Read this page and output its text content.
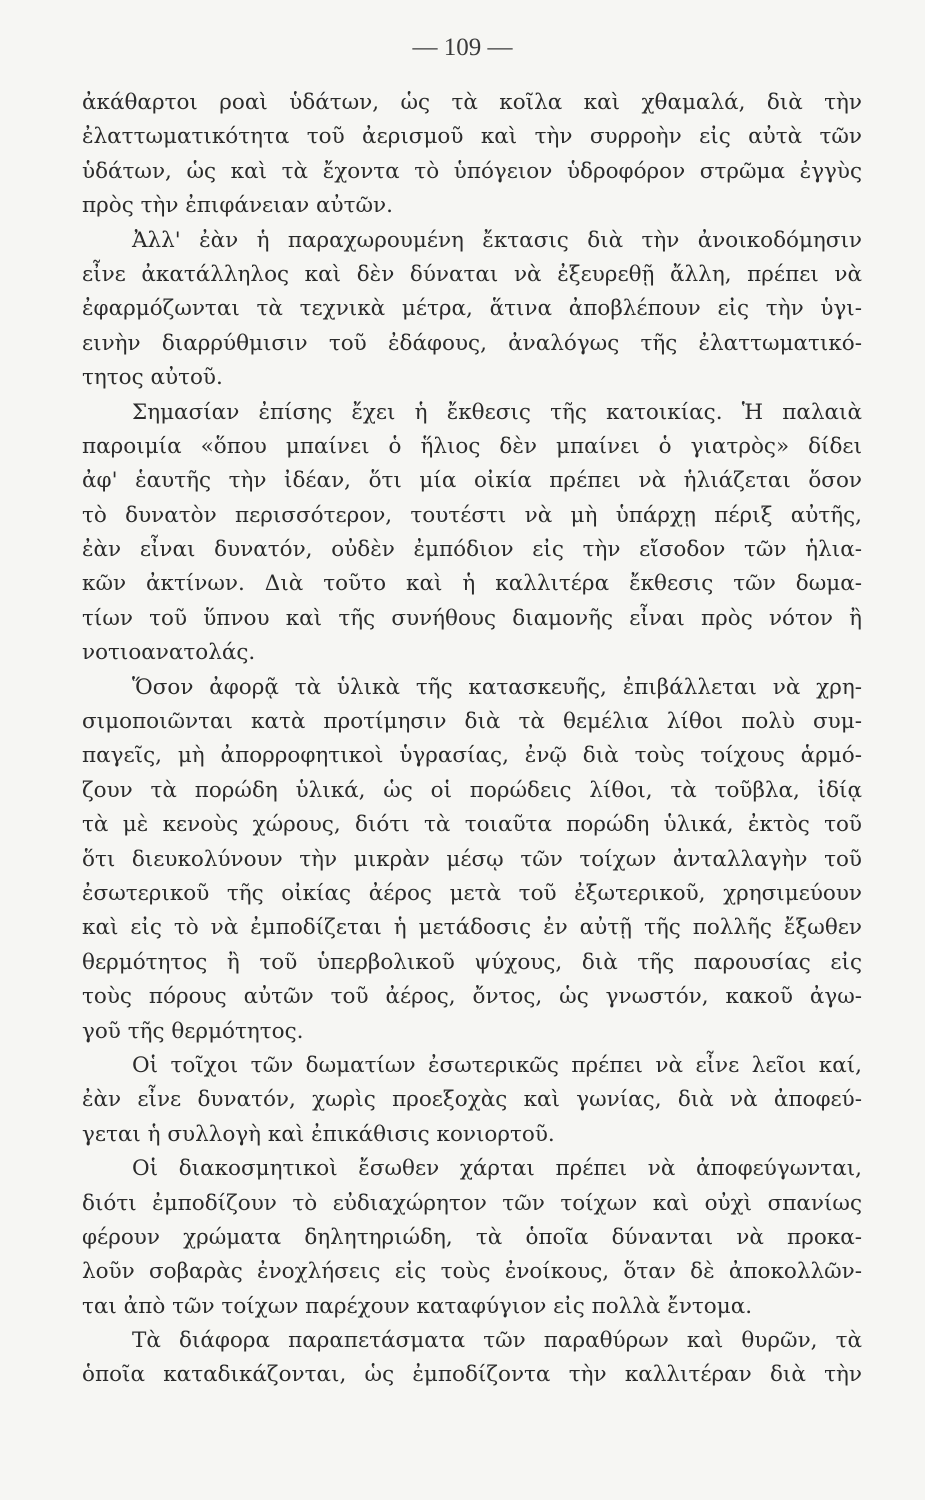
— 109 —
ἀκάθαρτοι ροαὶ ὑδάτων, ὡς τὰ κοῖλα καὶ χθαμαλά, διὰ τὴν
ἐλαττωματικότητα τοῦ ἀερισμοῦ καὶ τὴν συρροὴν εἰς αὐτὰ τῶν
ὑδάτων, ὡς καὶ τὰ ἔχοντα τὸ ὑπόγειον ὑδροφόρον στρῶμα ἐγγὺς
πρὸς τὴν ἐπιφάνειαν αὐτῶν.
Ἀλλ' ἐὰν ἡ παραχωρουμένη ἔκτασις διὰ τὴν ἀνοικοδόμησιν
εἶνε ἀκατάλληλος καὶ δὲν δύναται νὰ ἐξευρεθῇ ἄλλη, πρέπει νὰ
ἐφαρμόζωνται τὰ τεχνικὰ μέτρα, ἅτινα ἀποβλέπουν εἰς τὴν ὑγι-
εινὴν διαρρύθμισιν τοῦ ἐδάφους, ἀναλόγως τῆς ἐλαττωματικό-
τητος αὐτοῦ.
Σημασίαν ἐπίσης ἔχει ἡ ἔκθεσις τῆς κατοικίας. Ἡ παλαιὰ
παροιμία «ὅπου μπαίνει ὁ ἥλιος δὲν μπαίνει ὁ γιατρὸς» δίδει
ἀφ' ἑαυτῆς τὴν ἰδέαν, ὅτι μία οἰκία πρέπει νὰ ἡλιάζεται ὅσον
τὸ δυνατὸν περισσότερον, τουτέστι νὰ μὴ ὑπάρχῃ πέριξ αὐτῆς,
ἐὰν εἶναι δυνατόν, οὐδὲν ἐμπόδιον εἰς τὴν εἴσοδον τῶν ἡλια-
κῶν ἀκτίνων. Διὰ τοῦτο καὶ ἡ καλλιτέρα ἔκθεσις τῶν δωμα-
τίων τοῦ ὕπνου καὶ τῆς συνήθους διαμονῆς εἶναι πρὸς νότον ἢ
νοτιοανατολάς.
Ὅσον ἀφορᾷ τὰ ὑλικὰ τῆς κατασκευῆς, ἐπιβάλλεται νὰ χρη-
σιμοποιῶνται κατὰ προτίμησιν διὰ τὰ θεμέλια λίθοι πολὺ συμ-
παγεῖς, μὴ ἀπορροφητικοὶ ὑγρασίας, ἐνῷ διὰ τοὺς τοίχους ἁρμό-
ζουν τὰ πορώδη ὑλικά, ὡς οἱ πορώδεις λίθοι, τὰ τοῦβλα, ἰδίᾳ
τὰ μὲ κενοὺς χώρους, διότι τὰ τοιαῦτα πορώδη ὑλικά, ἐκτὸς τοῦ
ὅτι διευκολύνουν τὴν μικρὰν μέσῳ τῶν τοίχων ἀνταλλαγὴν τοῦ
ἐσωτερικοῦ τῆς οἰκίας ἀέρος μετὰ τοῦ ἐξωτερικοῦ, χρησιμεύουν
καὶ εἰς τὸ νὰ ἐμποδίζεται ἡ μετάδοσις ἐν αὐτῇ τῆς πολλῆς ἔξωθεν
θερμότητος ἢ τοῦ ὑπερβολικοῦ ψύχους, διὰ τῆς παρουσίας εἰς
τοὺς πόρους αὐτῶν τοῦ ἀέρος, ὄντος, ὡς γνωστόν, κακοῦ ἀγω-
γοῦ τῆς θερμότητος.
Οἱ τοῖχοι τῶν δωματίων ἐσωτερικῶς πρέπει νὰ εἶνε λεῖοι καί,
ἐὰν εἶνε δυνατόν, χωρὶς προεξοχὰς καὶ γωνίας, διὰ νὰ ἀποφεύ-
γεται ἡ συλλογὴ καὶ ἐπικάθισις κονιορτοῦ.
Οἱ διακοσμητικοὶ ἔσωθεν χάρται πρέπει νὰ ἀποφεύγωνται,
διότι ἐμποδίζουν τὸ εὐδιαχώρητον τῶν τοίχων καὶ οὐχὶ σπανίως
φέρουν χρώματα δηλητηριώδη, τὰ ὁποῖα δύνανται νὰ προκα-
λοῦν σοβαρὰς ἐνοχλήσεις εἰς τοὺς ἐνοίκους, ὅταν δὲ ἀποκολλῶν-
ται ἀπὸ τῶν τοίχων παρέχουν καταφύγιον εἰς πολλὰ ἔντομα.
Τὰ διάφορα παραπετάσματα τῶν παραθύρων καὶ θυρῶν, τὰ
ὁποῖα καταδικάζονται, ὡς ἐμποδίζοντα τὴν καλλιτέραν διὰ τὴν
